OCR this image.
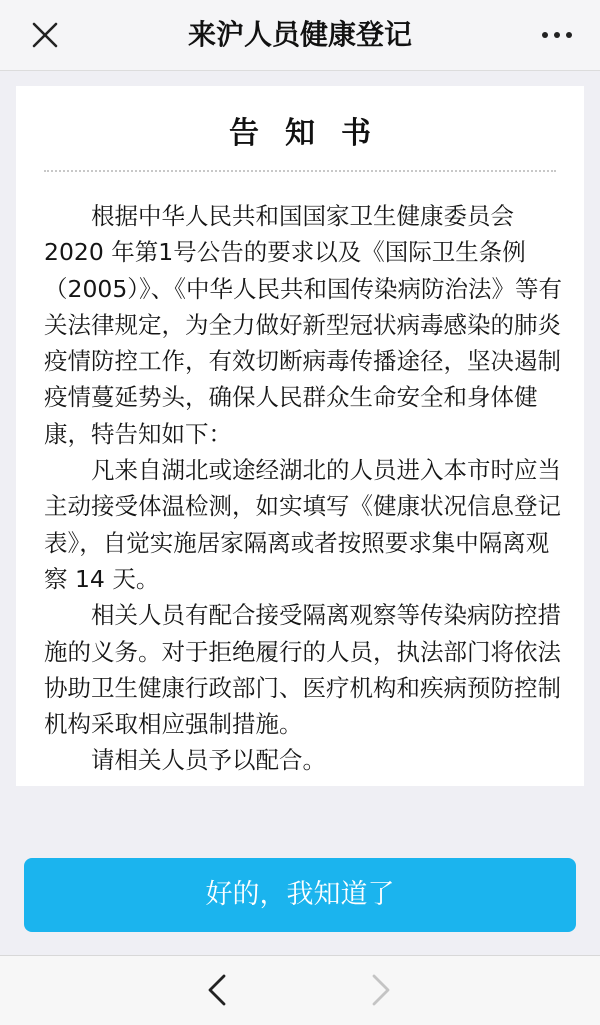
来沪人员健康登记
告知书

根据中华人民共和国国家卫生健康委员会2020 年第1号公告的要求以及《国际卫生条例（2005）》、《中华人民共和国传染病防治法》等有关法律规定，为全力做好新型冠状病毒感染的肺炎疫情防控工作，有效切断病毒传播途径，坚决遏制疫情蔓延势头，确保人民群众生命安全和身体健康，特告知如下：

凡来自湖北或途经湖北的人员进入本市时应当主动接受体温检测，如实填写《健康状况信息登记表》，自觉实施居家隔离或者按照要求集中隔离观察 14 天。

相关人员有配合接受隔离观察等传染病防控措施的义务。对于拒绝履行的人员，执法部门将依法协助卫生健康行政部门、医疗机构和疾病预防控制机构采取相应强制措施。

请相关人员予以配合。

好的，我知道了
